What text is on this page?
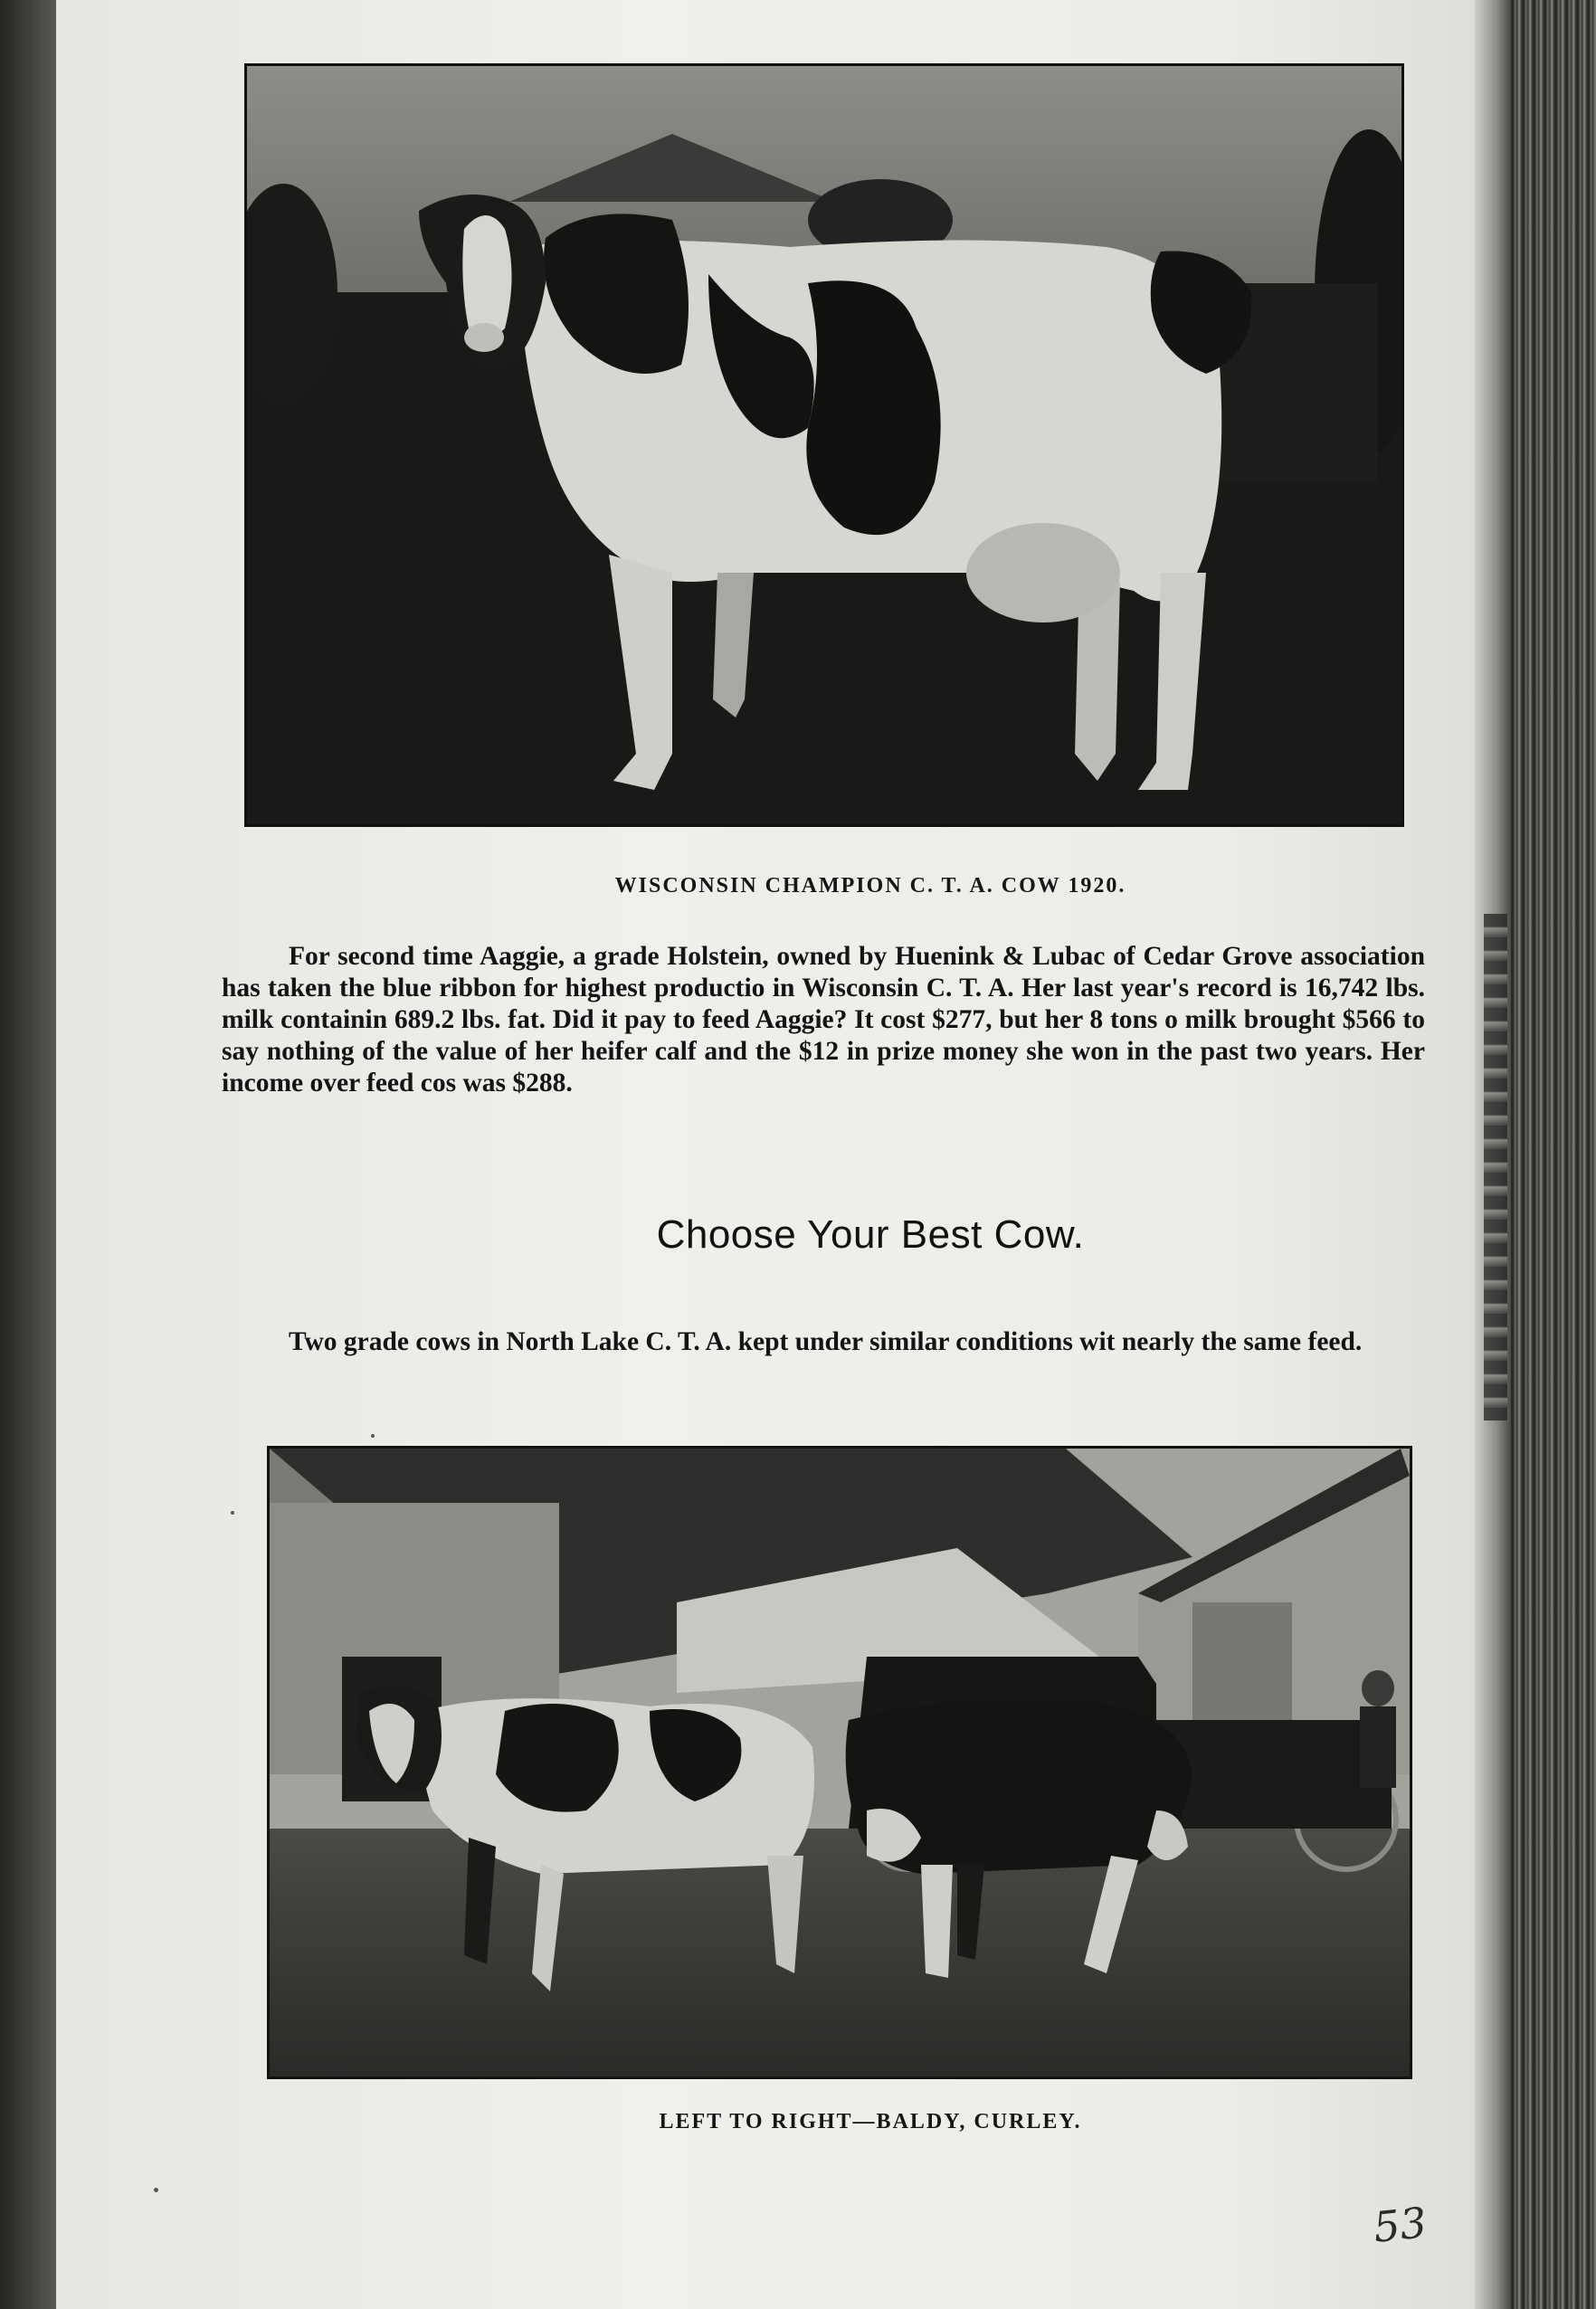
WISCONSIN CHAMPION C. T. A. COW 1920.

For second time Aaggie, a grade Holstein, owned by Huenink & Lubac of Cedar Grove association has taken the blue ribbon for highest productio in Wisconsin C. T. A. Her last year's record is 16,742 lbs. milk containin 689.2 lbs. fat. Did it pay to feed Aaggie? It cost $277, but her 8 tons o milk brought $566 to say nothing of the value of her heifer calf and the $12 in prize money she won in the past two years. Her income over feed cos was $288.

Choose Your Best Cow.

Two grade cows in North Lake C. T. A. kept under similar conditions wit nearly the same feed.

LEFT TO RIGHT—BALDY, CURLEY.
53
